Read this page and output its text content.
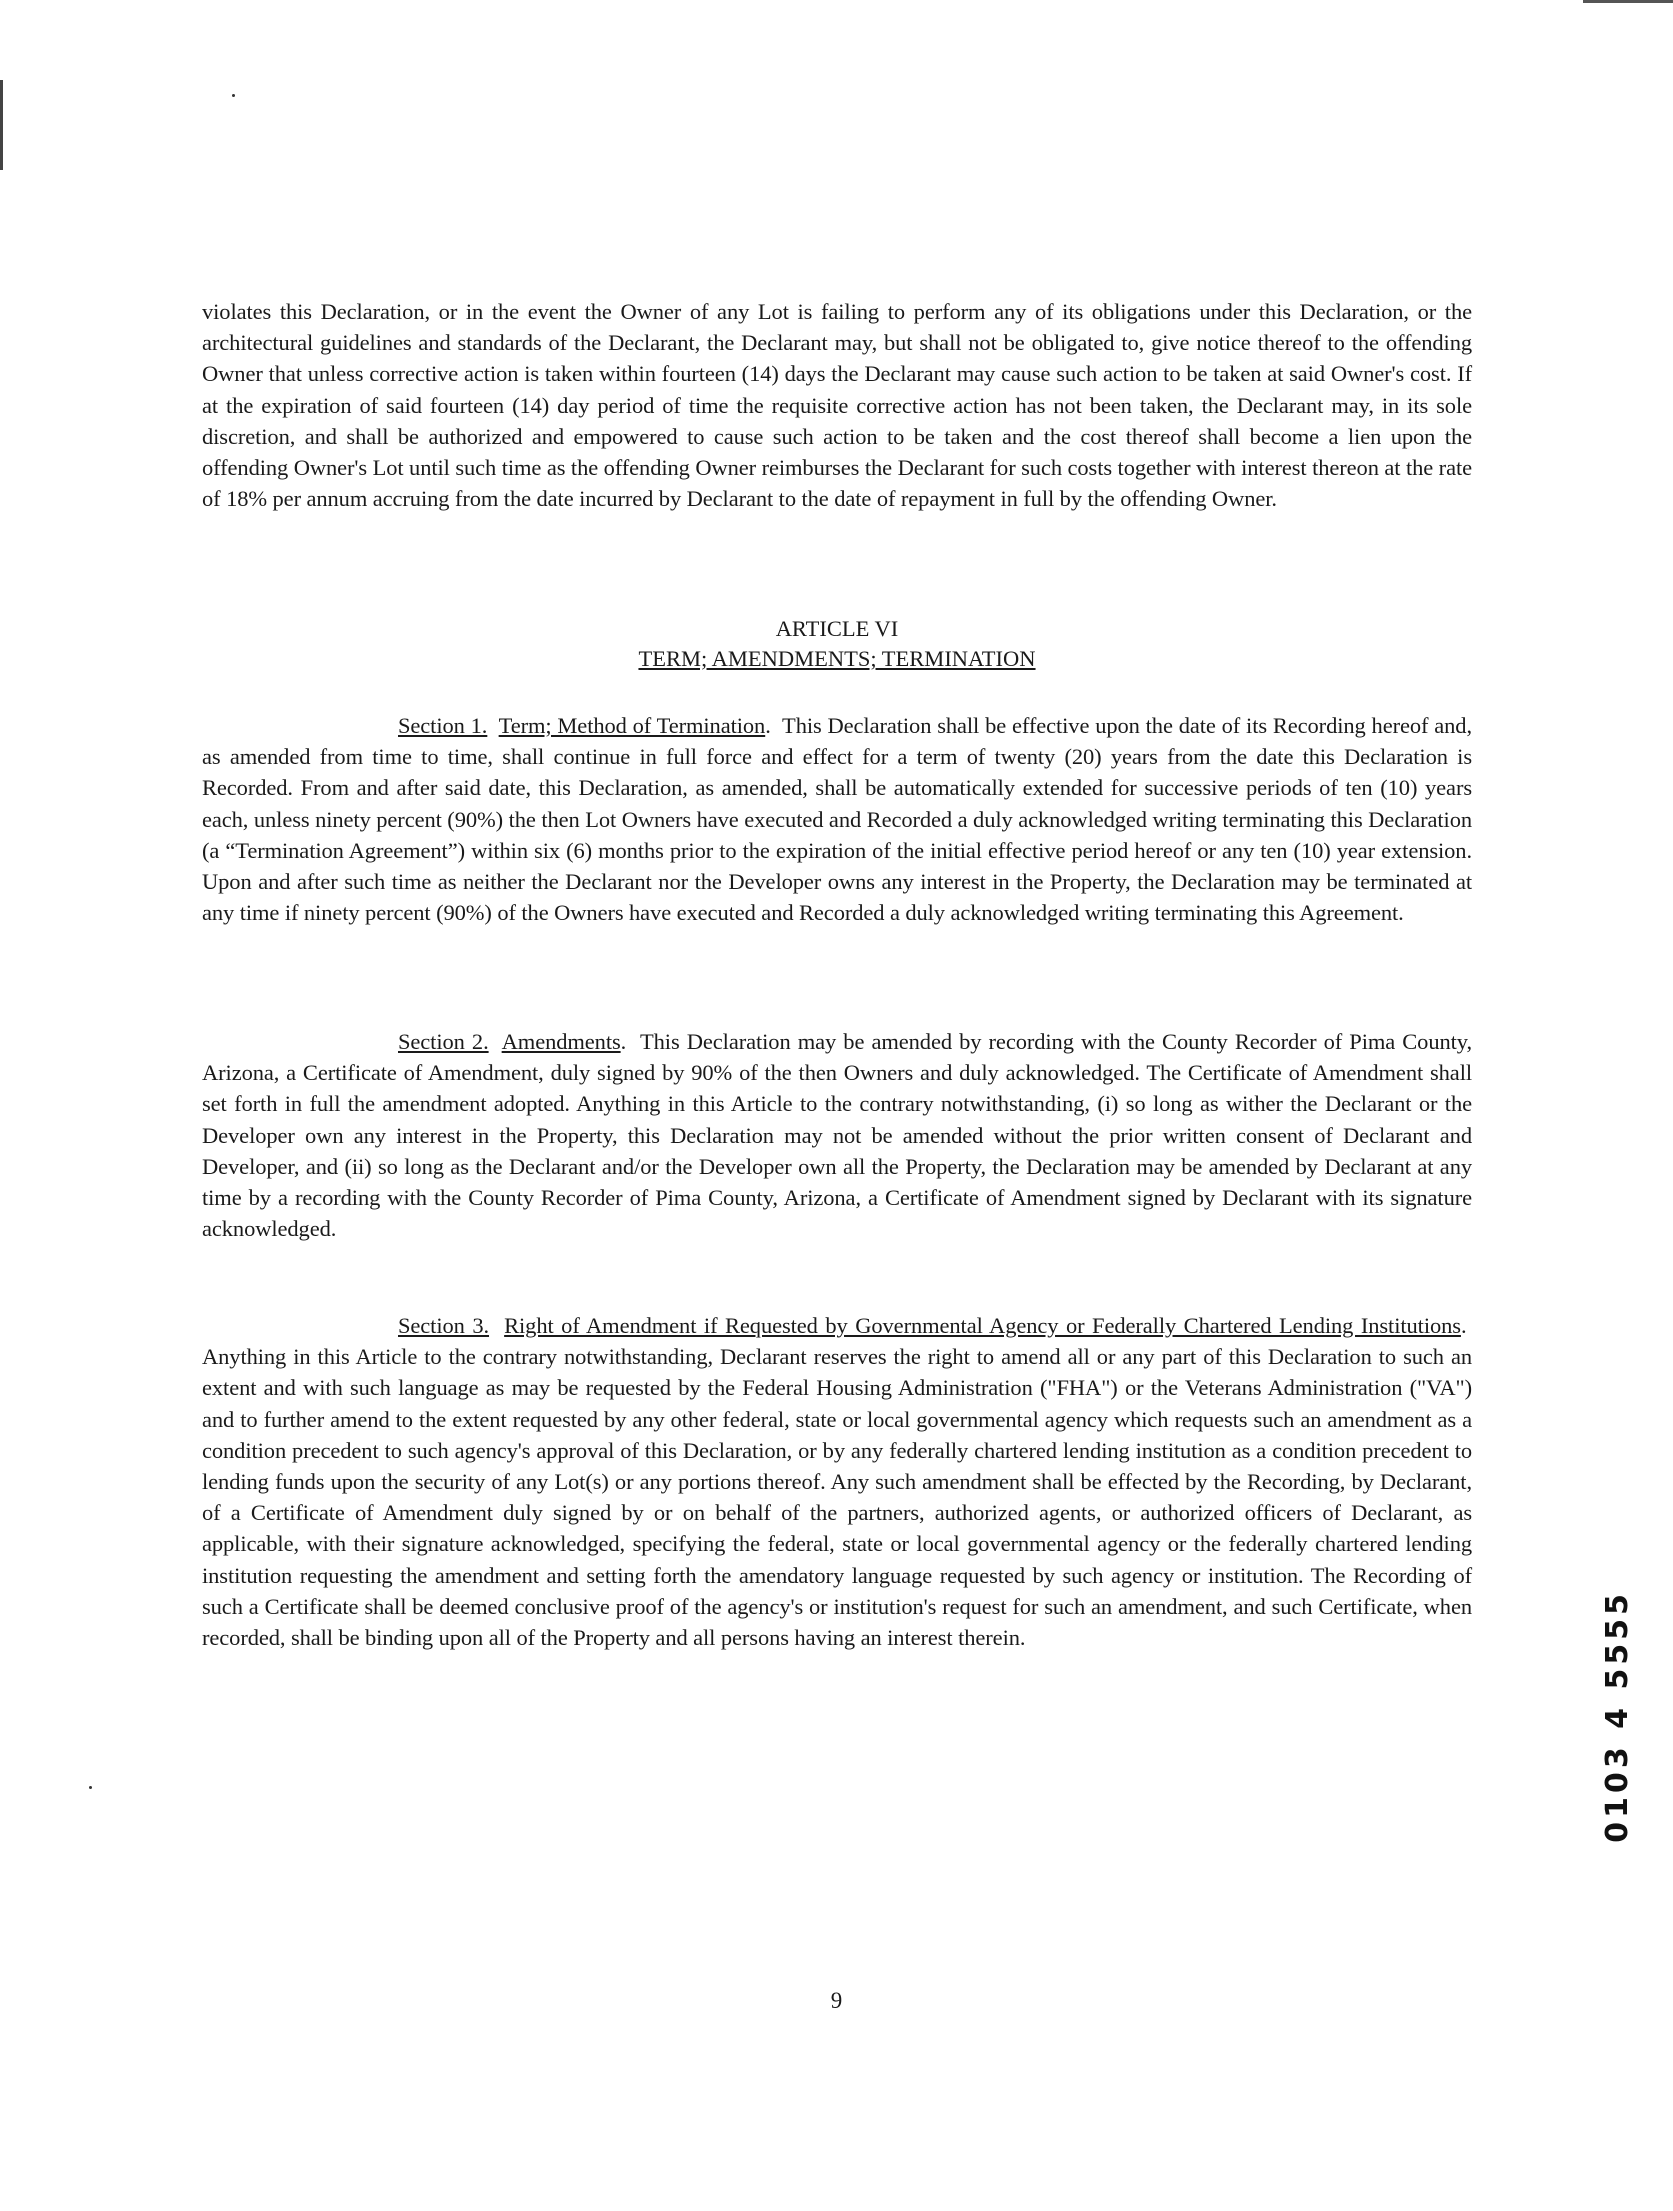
violates this Declaration, or in the event the Owner of any Lot is failing to perform any of its obligations under this Declaration, or the architectural guidelines and standards of the Declarant, the Declarant may, but shall not be obligated to, give notice thereof to the offending Owner that unless corrective action is taken within fourteen (14) days the Declarant may cause such action to be taken at said Owner's cost. If at the expiration of said fourteen (14) day period of time the requisite corrective action has not been taken, the Declarant may, in its sole discretion, and shall be authorized and empowered to cause such action to be taken and the cost thereof shall become a lien upon the offending Owner's Lot until such time as the offending Owner reimburses the Declarant for such costs together with interest thereon at the rate of 18% per annum accruing from the date incurred by Declarant to the date of repayment in full by the offending Owner.

ARTICLE VI
TERM; AMENDMENTS; TERMINATION

Section 1. Term; Method of Termination.  This Declaration shall be effective upon the date of its Recording hereof and, as amended from time to time, shall continue in full force and effect for a term of twenty (20) years from the date this Declaration is Recorded. From and after said date, this Declaration, as amended, shall be automatically extended for successive periods of ten (10) years each, unless ninety percent (90%) the then Lot Owners have executed and Recorded a duly acknowledged writing terminating this Declaration (a “Termination Agreement”) within six (6) months prior to the expiration of the initial effective period hereof or any ten (10) year extension. Upon and after such time as neither the Declarant nor the Developer owns any interest in the Property, the Declaration may be terminated at any time if ninety percent (90%) of the Owners have executed and Recorded a duly acknowledged writing terminating this Agreement.

Section 2. Amendments.  This Declaration may be amended by recording with the County Recorder of Pima County, Arizona, a Certificate of Amendment, duly signed by 90% of the then Owners and duly acknowledged. The Certificate of Amendment shall set forth in full the amendment adopted. Anything in this Article to the contrary notwithstanding, (i) so long as wither the Declarant or the Developer own any interest in the Property, this Declaration may not be amended without the prior written consent of Declarant and Developer, and (ii) so long as the Declarant and/or the Developer own all the Property, the Declaration may be amended by Declarant at any time by a recording with the County Recorder of Pima County, Arizona, a Certificate of Amendment signed by Declarant with its signature acknowledged.

Section 3. Right of Amendment if Requested by Governmental Agency or Federally Chartered Lending Institutions.  Anything in this Article to the contrary notwithstanding, Declarant reserves the right to amend all or any part of this Declaration to such an extent and with such language as may be requested by the Federal Housing Administration ("FHA") or the Veterans Administration ("VA") and to further amend to the extent requested by any other federal, state or local governmental agency which requests such an amendment as a condition precedent to such agency's approval of this Declaration, or by any federally chartered lending institution as a condition precedent to lending funds upon the security of any Lot(s) or any portions thereof. Any such amendment shall be effected by the Recording, by Declarant, of a Certificate of Amendment duly signed by or on behalf of the partners, authorized agents, or authorized officers of Declarant, as applicable, with their signature acknowledged, specifying the federal, state or local governmental agency or the federally chartered lending institution requesting the amendment and setting forth the amendatory language requested by such agency or institution. The Recording of such a Certificate shall be deemed conclusive proof of the agency's or institution's request for such an amendment, and such Certificate, when recorded, shall be binding upon all of the Property and all persons having an interest therein.	0103 4 5555
9
